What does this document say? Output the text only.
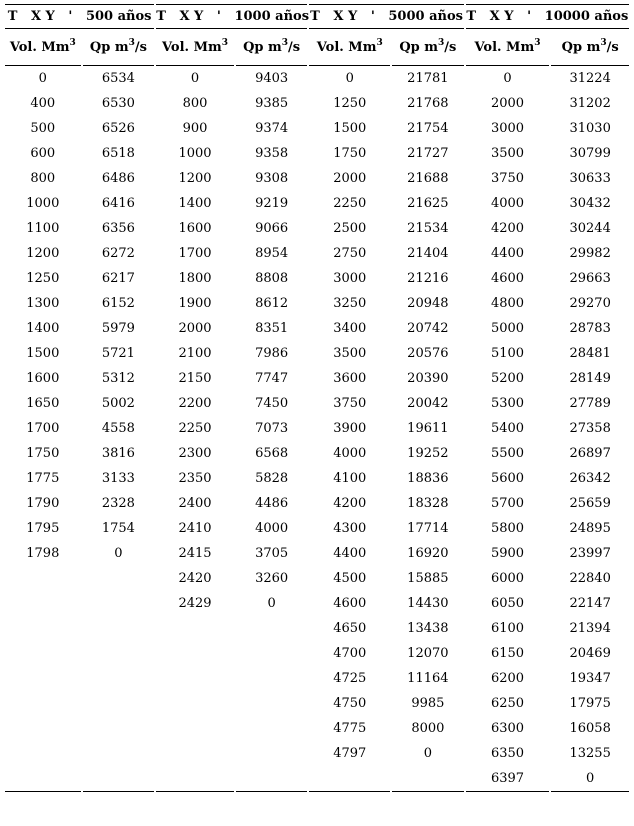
T   X Y   '   500 años		T   X Y   '   1000 años		T   X Y   '   5000 años		T   X Y   '   10000 años	
Vol. Mm$^3$	Qp $m^3/s$	Vol. Mm$^3$	Qp $m^3/s$	Vol. Mm$^3$	Qp $m^3/s$	Vol. Mm$^3$	Qp $m^3/s$
0	6534	0	9403	0	21781	0	31224
400	6530	800	9385	1250	21768	2000	31202
500	6526	900	9374	1500	21754	3000	31030
600	6518	1000	9358	1750	21727	3500	30799
800	6486	1200	9308	2000	21688	3750	30633
1000	6416	1400	9219	2250	21625	4000	30432
1100	6356	1600	9066	2500	21534	4200	30244
1200	6272	1700	8954	2750	21404	4400	29982
1250	6217	1800	8808	3000	21216	4600	29663
1300	6152	1900	8612	3250	20948	4800	29270
1400	5979	2000	8351	3400	20742	5000	28783
1500	5721	2100	7986	3500	20576	5100	28481
1600	5312	2150	7747	3600	20390	5200	28149
1650	5002	2200	7450	3750	20042	5300	27789
1700	4558	2250	7073	3900	19611	5400	27358
1750	3816	2300	6568	4000	19252	5500	26897
1775	3133	2350	5828	4100	18836	5600	26342
1790	2328	2400	4486	4200	18328	5700	25659
1795	1754	2410	4000	4300	17714	5800	24895
1798	0	2415	3705	4400	16920	5900	23997
		2420	3260	4500	15885	6000	22840
		2429	0	4600	14430	6050	22147
				4650	13438	6100	21394
				4700	12070	6150	20469
				4725	11164	6200	19347
				4750	9985	6250	17975
				4775	8000	6300	16058
				4797	0	6350	13255
						6397	0
